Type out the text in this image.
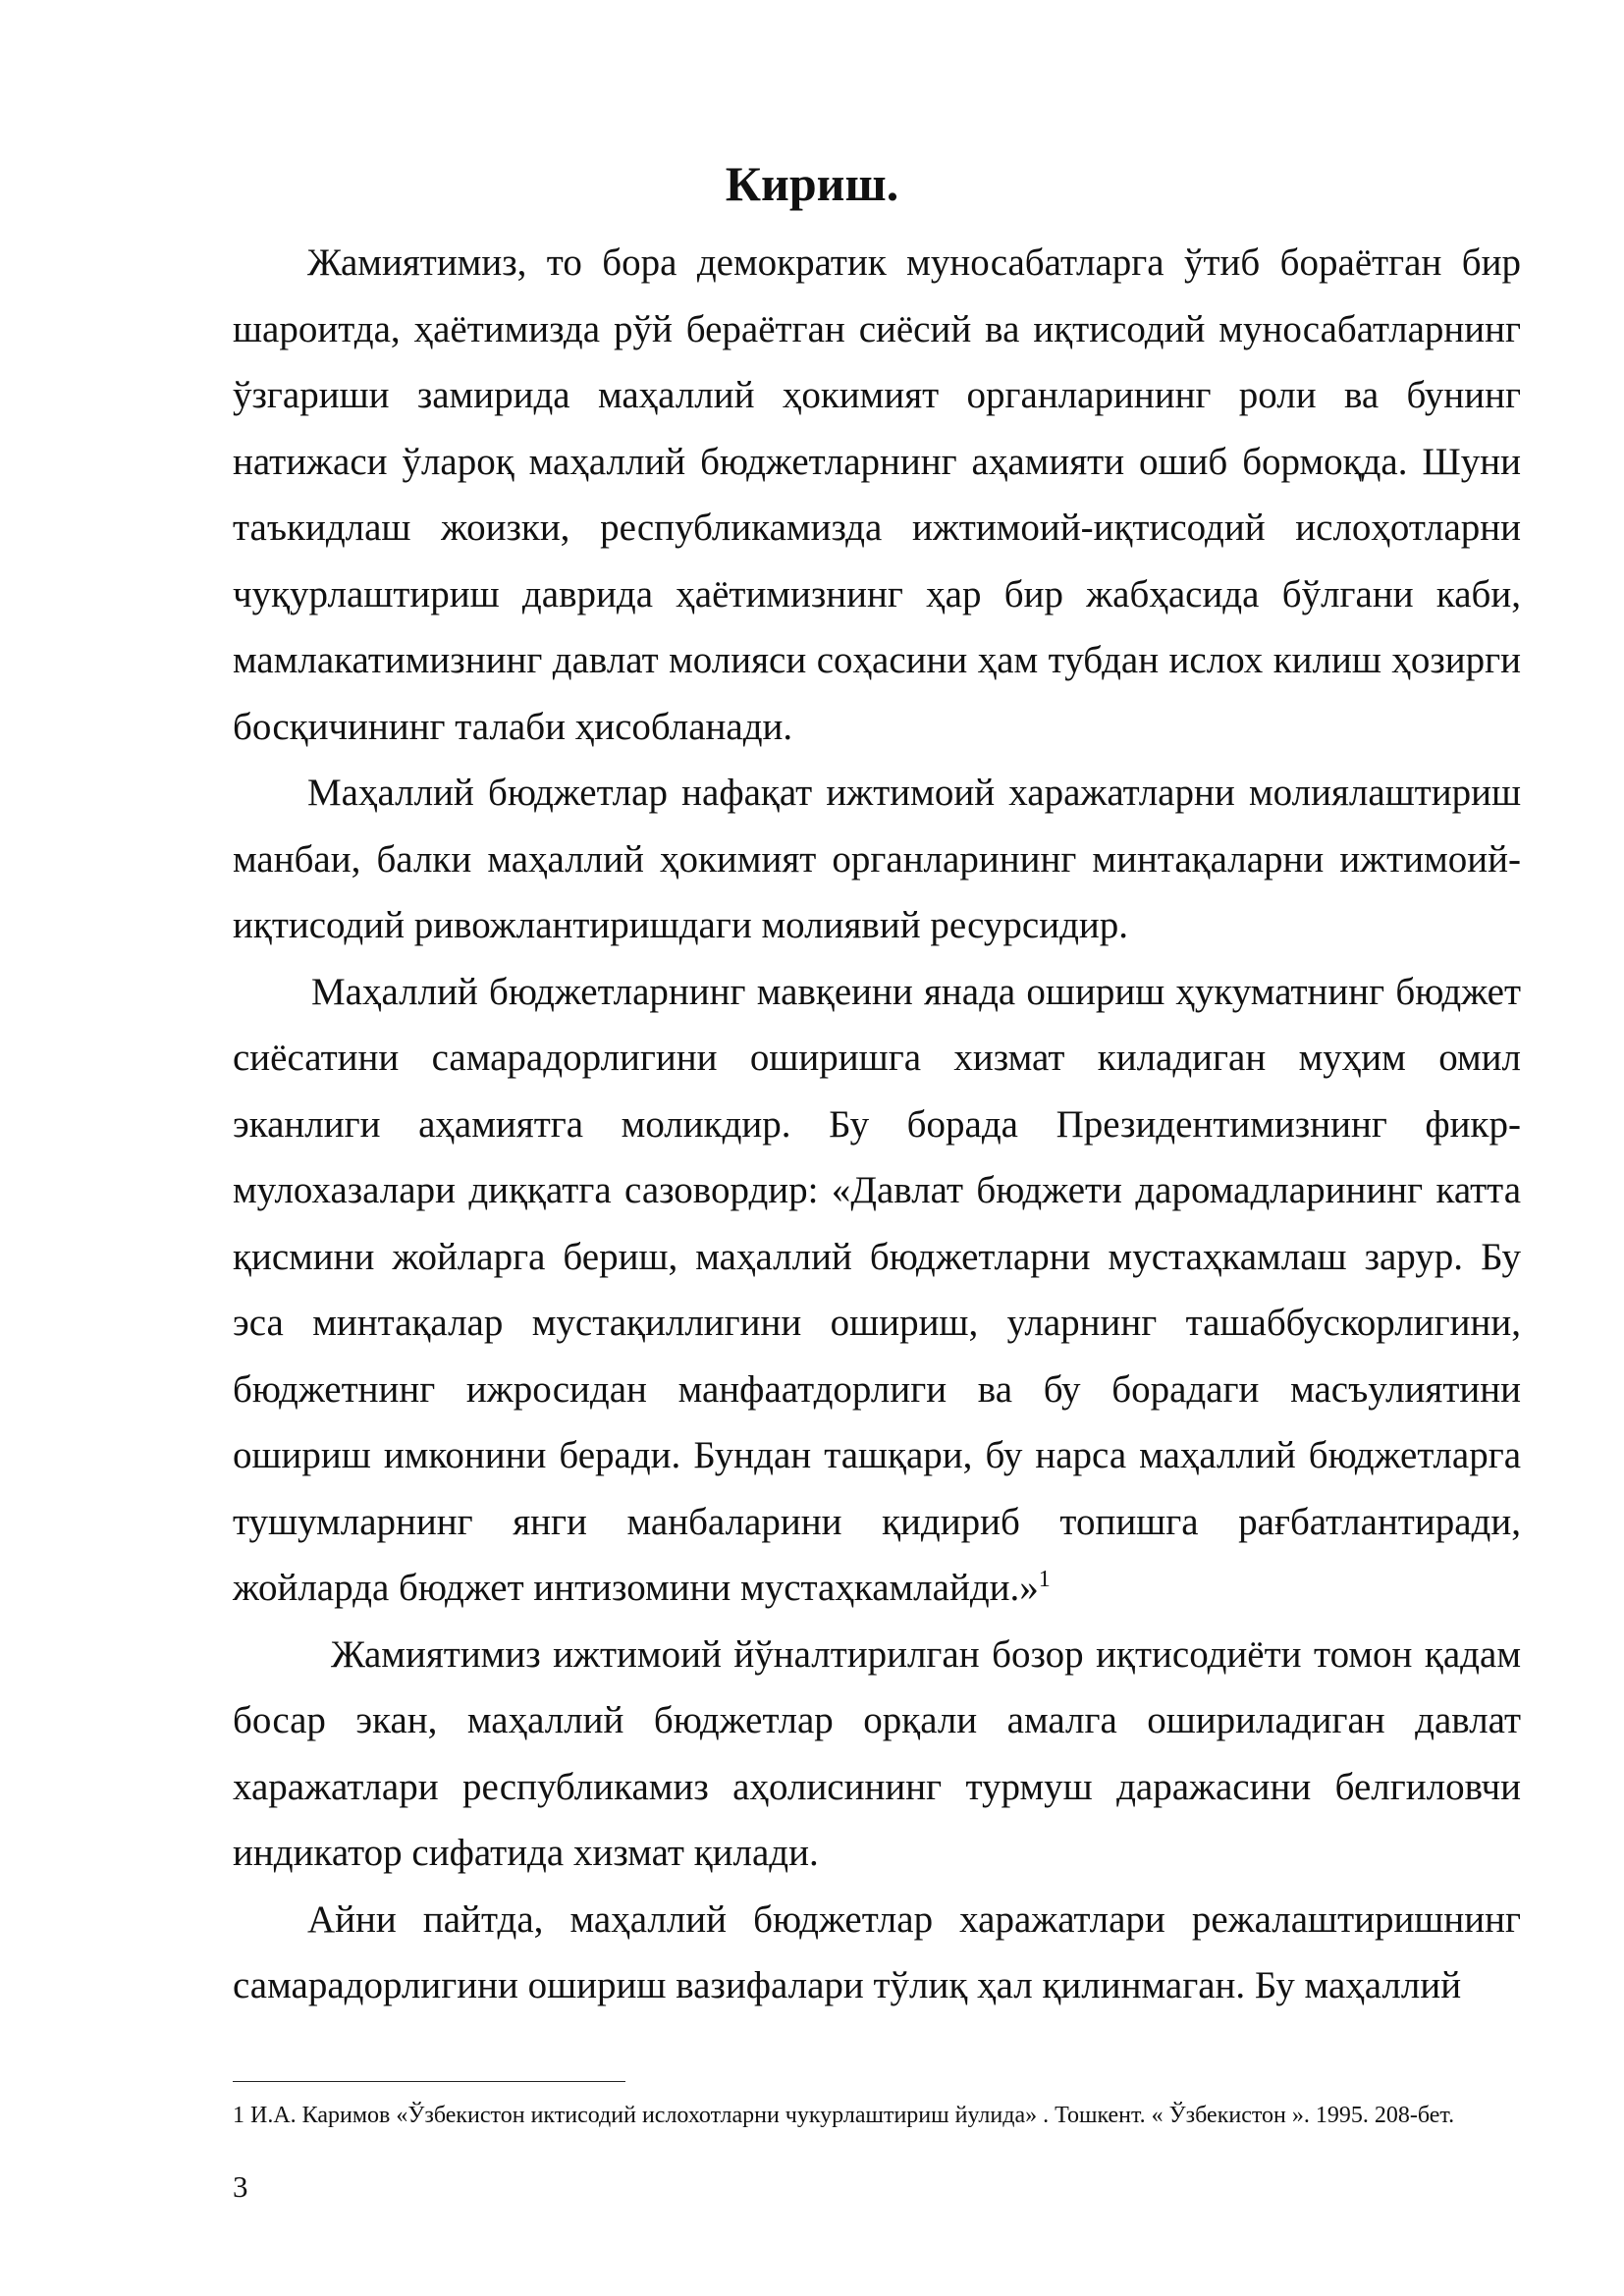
Кириш.

Жамиятимиз, то бора демократик муносабатларга ўтиб бораётган бир шароитда, ҳаётимизда рўй бераётган сиёсий ва иқтисодий муносабатларнинг ўзгариши замирида маҳаллий ҳокимият органларининг роли ва бунинг натижаси ўлароқ маҳаллий бюджетларнинг аҳамияти ошиб бормоқда. Шуни таъкидлаш жоизки, республикамизда ижтимоий-иқтисодий ислоҳотларни чуқурлаштириш даврида ҳаётимизнинг ҳар бир жабҳасида бўлгани каби, мамлакатимизнинг давлат молияси соҳасини ҳам тубдан ислох килиш ҳозирги босқичининг талаби ҳисобланади.

Маҳаллий бюджетлар нафақат ижтимоий харажатларни молиялаштириш манбаи, балки маҳаллий ҳокимият органларининг минтақаларни ижтимоий-иқтисодий ривожлантиришдаги молиявий ресурсидир.

Маҳаллий бюджетларнинг мавқеини янада ошириш ҳукуматнинг бюджет сиёсатини самарадорлигини оширишга хизмат киладиган муҳим омил эканлиги аҳамиятга моликдир. Бу борада Президентимизнинг фикр-мулохазалари диққатга сазовордир: «Давлат бюджети даромадларининг катта қисмини жойларга бериш, маҳаллий бюджетларни мустаҳкамлаш зарур. Бу эса минтақалар мустақиллигини ошириш, уларнинг ташаббускорлигини, бюджетнинг ижросидан манфаатдорлиги ва бу борадаги масъулиятини ошириш имконини беради. Бундан ташқари, бу нарса маҳаллий бюджетларга тушумларнинг янги манбаларини қидириб топишга рағбатлантиради, жойларда бюджет интизомини мустаҳкамлайди.»$^1$

Жамиятимиз ижтимоий йўналтирилган бозор иқтисодиёти томон қадам босар экан, маҳаллий бюджетлар орқали амалга ошириладиган давлат харажатлари республикамиз аҳолисининг турмуш даражасини белгиловчи индикатор сифатида хизмат қилади.

Айни пайтда, маҳаллий бюджетлар харажатлари режалаштиришнинг самарадорлигини ошириш вазифалари тўлиқ ҳал қилинмаган. Бу маҳаллий

1 И.А. Каримов «Ўзбекистон иктисодий ислохотларни чукурлаштириш йулида» . Тошкент. « Ўзбекистон ». 1995. 208-бет.

3
